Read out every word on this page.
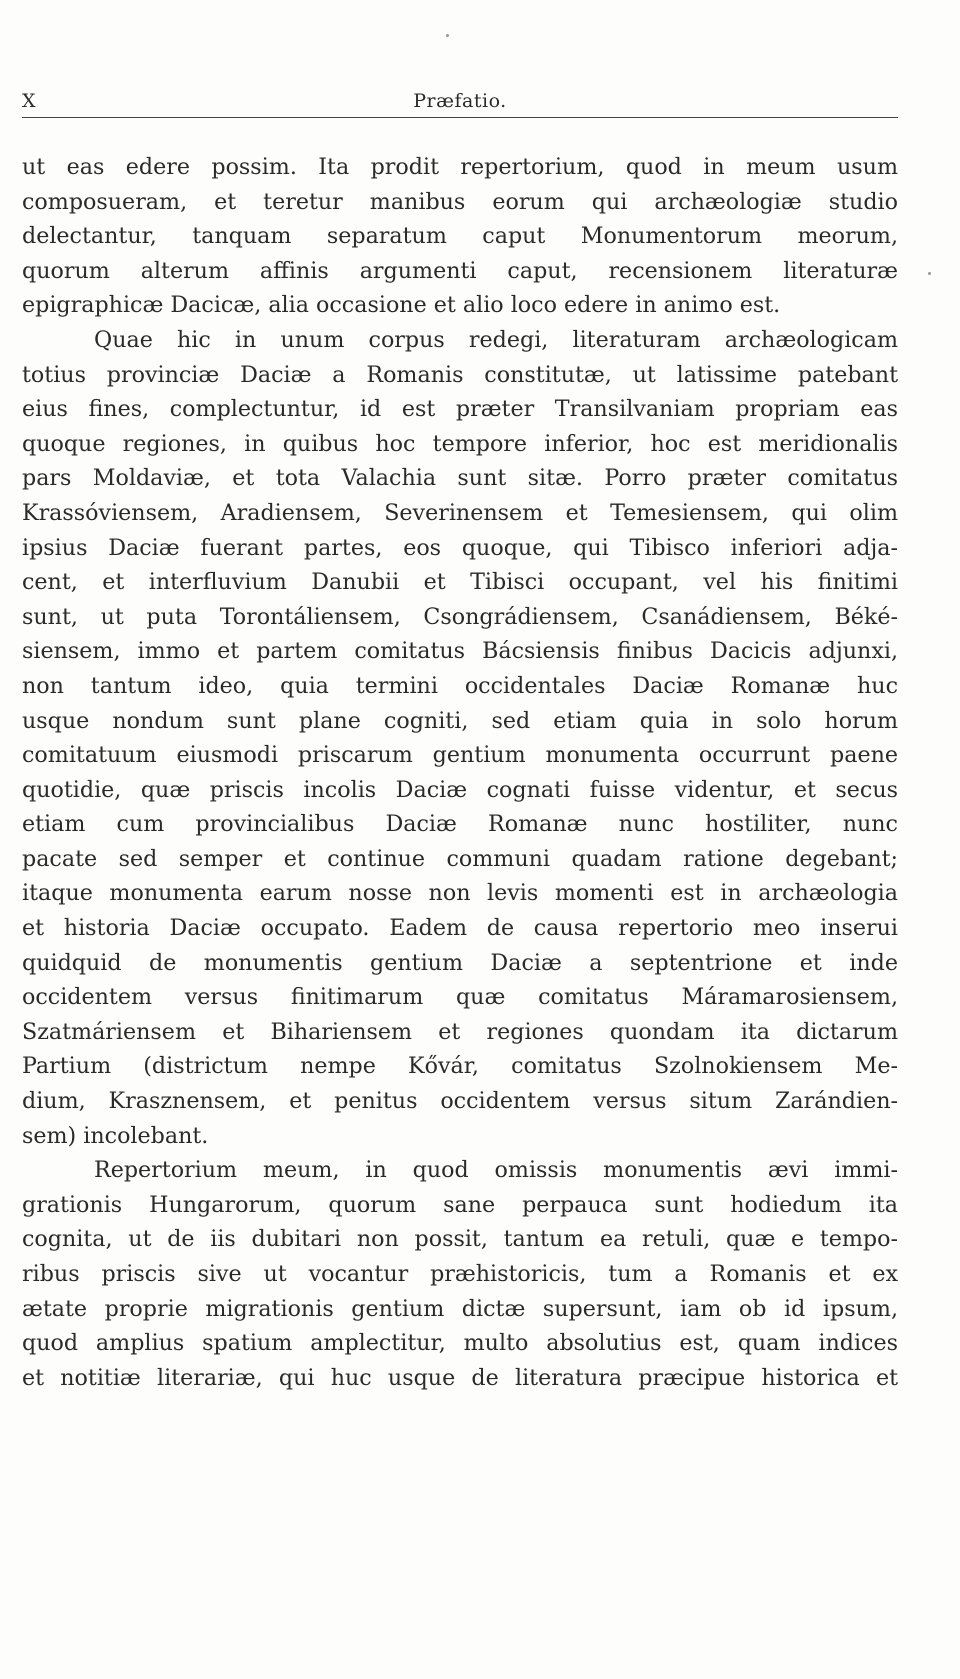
X	Præfatio.
ut eas edere possim. Ita prodit repertorium, quod in meum usum
composueram, et teretur manibus eorum qui archæologiæ studio
delectantur, tanquam separatum caput Monumentorum meorum,
quorum alterum affinis argumenti caput, recensionem literaturæ
epigraphicæ Dacicæ, alia occasione et alio loco edere in animo est.
Quae hic in unum corpus redegi, literaturam archæologicam
totius provinciæ Daciæ a Romanis constitutæ, ut latissime patebant
eius fines, complectuntur, id est præter Transilvaniam propriam eas
quoque regiones, in quibus hoc tempore inferior, hoc est meridionalis
pars Moldaviæ, et tota Valachia sunt sitæ. Porro præter comitatus
Krassóviensem, Aradiensem, Severinensem et Temesiensem, qui olim
ipsius Daciæ fuerant partes, eos quoque, qui Tibisco inferiori adja-
cent, et interfluvium Danubii et Tibisci occupant, vel his finitimi
sunt, ut puta Torontáliensem, Csongrádiensem, Csanádiensem, Béké-
siensem, immo et partem comitatus Bácsiensis finibus Dacicis adjunxi,
non tantum ideo, quia termini occidentales Daciæ Romanæ huc
usque nondum sunt plane cogniti, sed etiam quia in solo horum
comitatuum eiusmodi priscarum gentium monumenta occurrunt paene
quotidie, quæ priscis incolis Daciæ cognati fuisse videntur, et secus
etiam cum provincialibus Daciæ Romanæ nunc hostiliter, nunc
pacate sed semper et continue communi quadam ratione degebant;
itaque monumenta earum nosse non levis momenti est in archæologia
et historia Daciæ occupato. Eadem de causa repertorio meo inserui
quidquid de monumentis gentium Daciæ a septentrione et inde
occidentem versus finitimarum quæ comitatus Máramarosiensem,
Szatmáriensem et Bihariensem et regiones quondam ita dictarum
Partium (districtum nempe Kővár, comitatus Szolnokiensem Me-
dium, Krasznensem, et penitus occidentem versus situm Zarándien-
sem) incolebant.
Repertorium meum, in quod omissis monumentis ævi immi-
grationis Hungarorum, quorum sane perpauca sunt hodiedum ita
cognita, ut de iis dubitari non possit, tantum ea retuli, quæ e tempo-
ribus priscis sive ut vocantur præhistoricis, tum a Romanis et ex
ætate proprie migrationis gentium dictæ supersunt, iam ob id ipsum,
quod amplius spatium amplectitur, multo absolutius est, quam indices
et notitiæ literariæ, qui huc usque de literatura præcipue historica et
